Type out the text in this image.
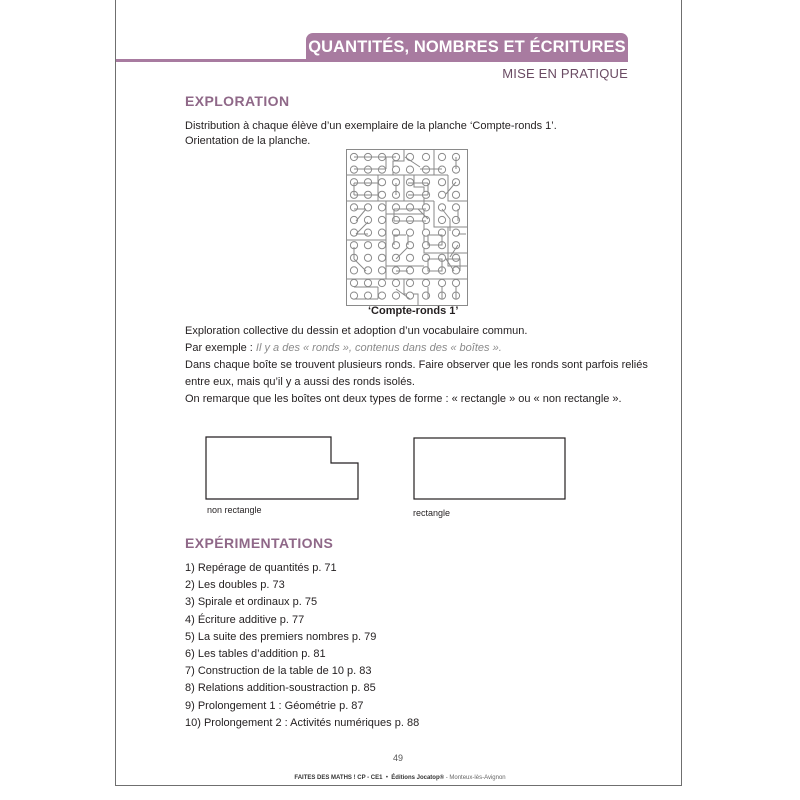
QUANTITÉS, NOMBRES ET ÉCRITURES
MISE EN PRATIQUE
EXPLORATION
Distribution à chaque élève d’un exemplaire de la planche ‘Compte-ronds 1’.
Orientation de la planche.
‘Compte-ronds 1’
Exploration collective du dessin et adoption d’un vocabulaire commun.
Par exemple : Il y a des « ronds », contenus dans des « boîtes ».
Dans chaque boîte se trouvent plusieurs ronds. Faire observer que les ronds sont parfois reliés
entre eux, mais qu’il y a aussi des ronds isolés.
On remarque que les boîtes ont deux types de forme : « rectangle » ou « non rectangle ».
non rectangle	rectangle
EXPÉRIMENTATIONS
1) Repérage de quantités p. 71
2) Les doubles p. 73
3) Spirale et ordinaux p. 75
4) Écriture additive p. 77
5) La suite des premiers nombres p. 79
6) Les tables d’addition p. 81
7) Construction de la table de 10 p. 83
8) Relations addition-soustraction p. 85
9) Prolongement 1 : Géométrie p. 87
10) Prolongement 2 : Activités numériques p. 88
49
FAITES DES MATHS ! CP - CE1 • Éditions Jocatop® - Monteux-lès-Avignon
